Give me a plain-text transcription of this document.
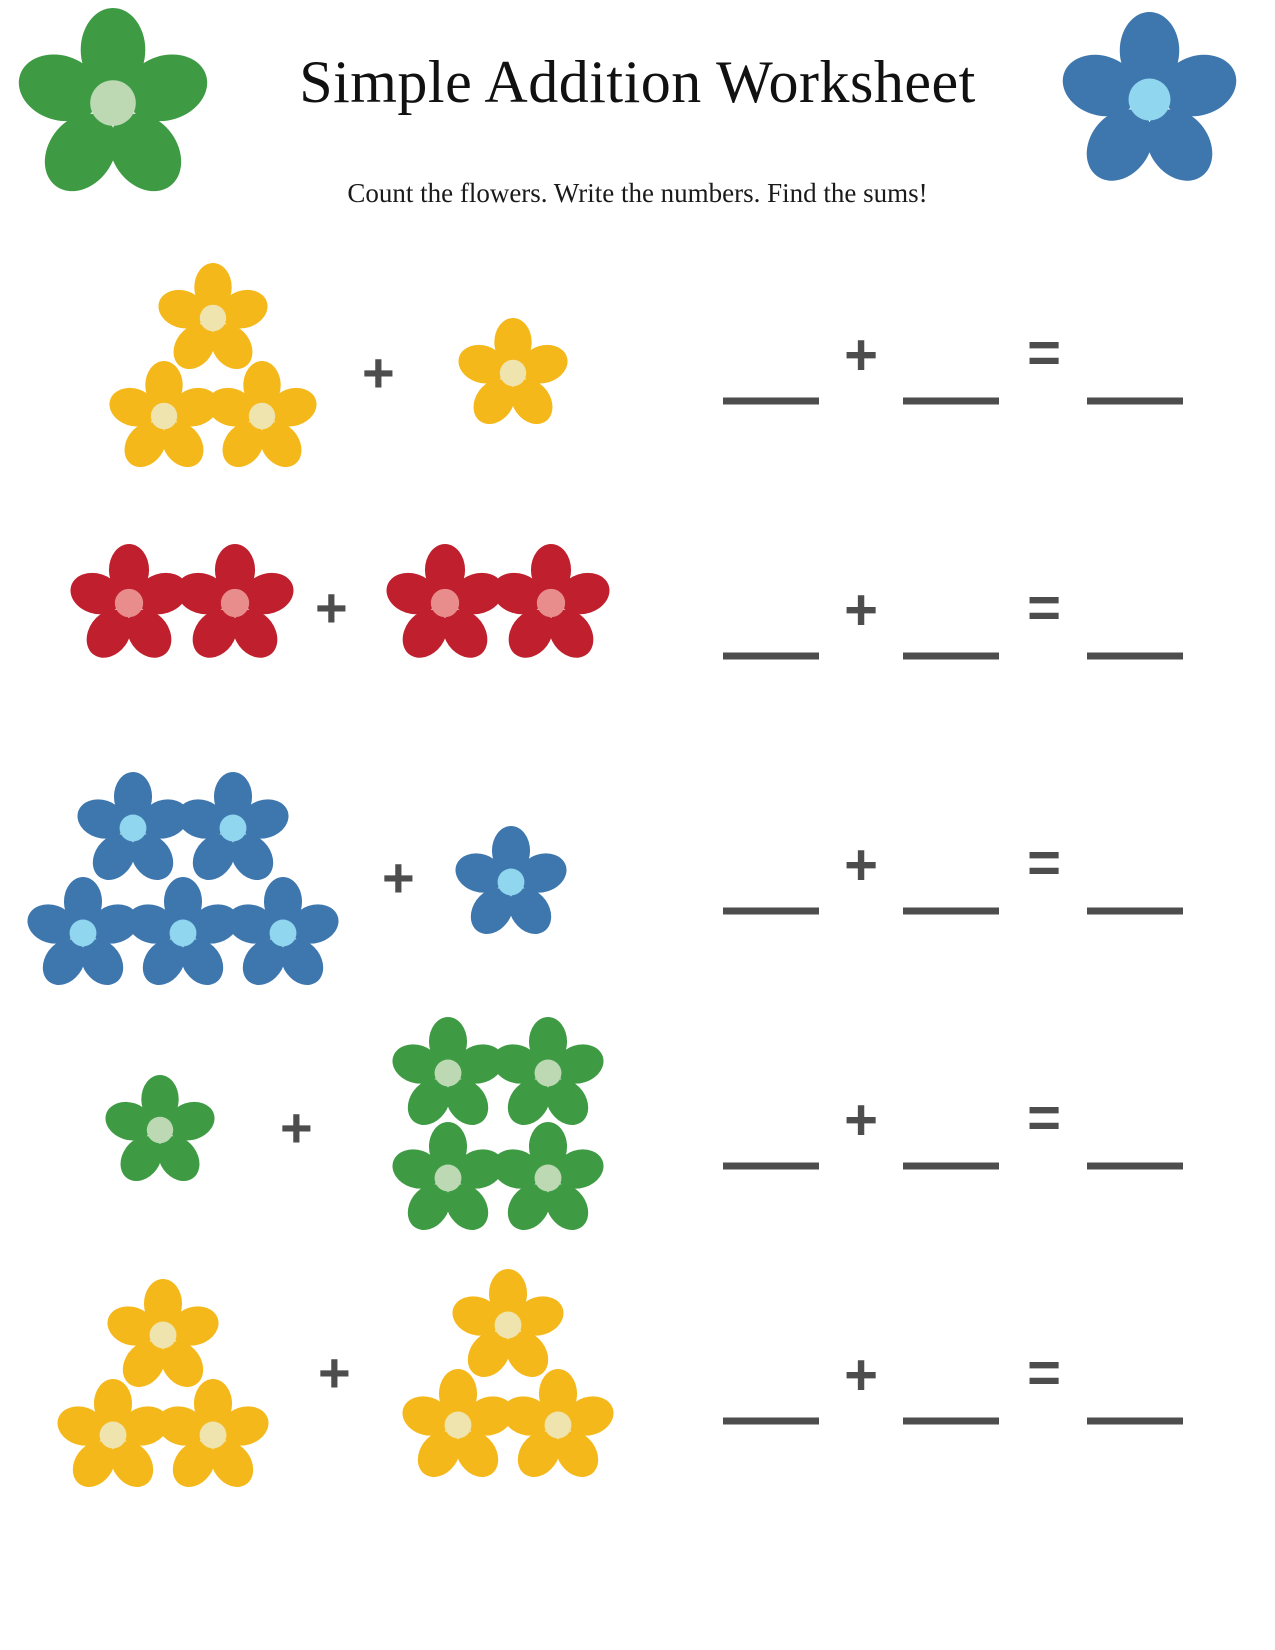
Simple Addition Worksheet
Count the flowers. Write the numbers. Find the sums!
+	+	=
+	+	=
+	+	=
+	+	=
+	+	=
